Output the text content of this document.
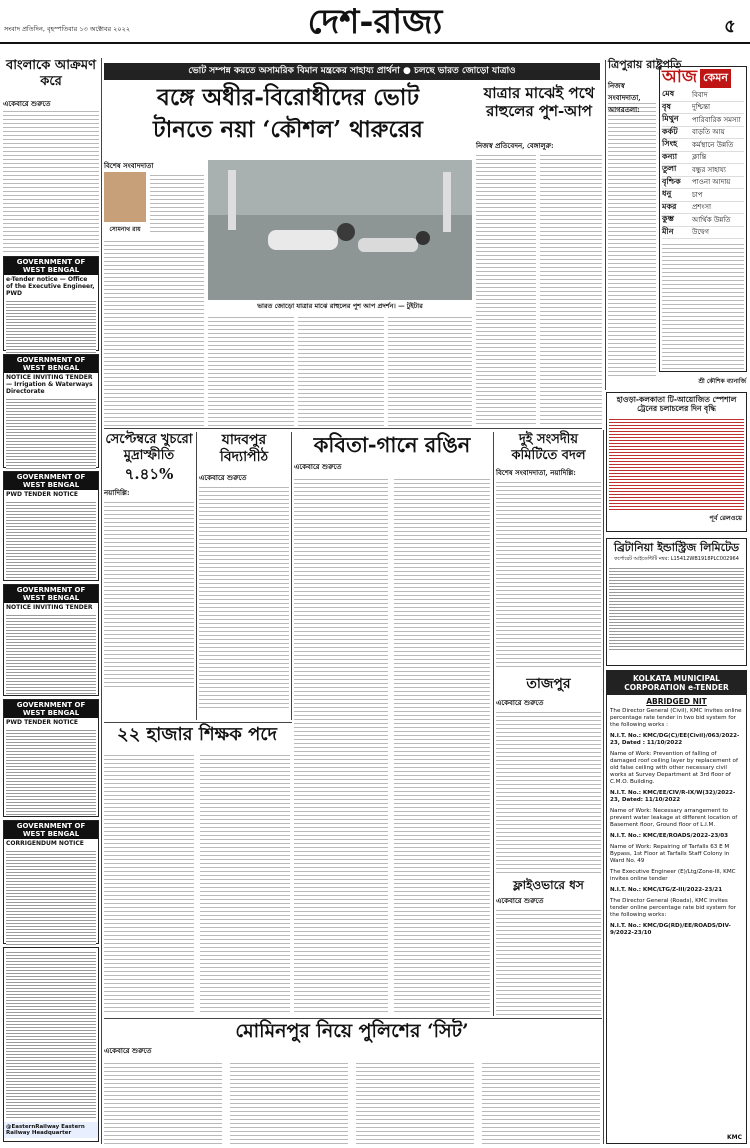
সংবাদ প্রতিদিন, বৃহস্পতিবার ১৩ অক্টোবর ২০২২	দেশ-রাজ্য	৫
বাংলাকে আক্রমণ করে
একেবারে শুরুতে
GOVERNMENT OF WEST BENGAL
e-Tender notice — Office of the Executive Engineer, PWD
GOVERNMENT OF WEST BENGAL
NOTICE INVITING TENDER — Irrigation & Waterways Directorate
GOVERNMENT OF WEST BENGAL
PWD TENDER NOTICE
GOVERNMENT OF WEST BENGAL
NOTICE INVITING TENDER
GOVERNMENT OF WEST BENGAL
PWD TENDER NOTICE
GOVERNMENT OF WEST BENGAL
CORRIGENDUM NOTICE
@EasternRailway Eastern Railway Headquarter
ভোট সম্পন্ন করতে অসামরিক বিমান মন্ত্রকের সাহায্য প্রার্থনা ● চলছে ভারত জোড়ো যাত্রাও
বঙ্গে অধীর-বিরোধীদের ভোট
টানতে নয়া ‘কৌশল’ থারুরের
বিশেষ সংবাদদাতা
সোমনাথ রায়
ভারত জোড়ো যাত্রার মাঝে রাহুলের পুশ আপ প্রদর্শন। — টুইটার
যাত্রার মাঝেই পথে রাহুলের পুশ-আপ
নিজস্ব প্রতিবেদন, বেঙ্গালুরু:
ত্রিপুরায় রাষ্ট্রপতি
নিজস্ব সংবাদদাতা, আগরতলা:
শ্রী কৌশিক ব্যানার্জি
আজ কেমন
মেষ	বিবাদ
বৃষ	দুশ্চিন্তা
মিথুন	পারিবারিক সমস্যা
কর্কট	বাড়তি আয়
সিংহ	কর্মস্থানে উন্নতি
কন্যা	ক্লান্তি
তুলা	বন্ধুর সাহায্য
বৃশ্চিক	পাওনা আদায়
ধনু	চাপ
মকর	প্রশংসা
কুম্ভ	আর্থিক উন্নতি
মীন	উদ্বেগ
হাওড়া-কলকাতা টি-আয়োজিত স্পেশাল ট্রেনের চলাচলের দিন বৃদ্ধি
পূর্ব রেলওয়ে
ব্রিটানিয়া ইন্ডাস্ট্রিজ লিমিটেড
কর্পোরেট আইডেন্টিটি নম্বর: L15412WB1918PLC002964
KOLKATA MUNICIPAL CORPORATION e-TENDER
ABRIDGED NIT
The Director General (Civil), KMC invites online percentage rate tender in two bid system for the following works :
N.I.T. No.: KMC/DG(C)/EE(Civil)/063/2022-23, Dated : 11/10/2022
Name of Work: Prevention of falling of damaged roof ceiling layer by replacement of old false ceiling with other necessary civil works at Survey Department at 3rd floor of C.M.O. Building.
N.I.T. No.: KMC/EE/CIV/R-IX/W(32)/2022-23, Dated: 11/10/2022
Name of Work: Necessary arrangement to prevent water leakage at different location of Basement floor, Ground floor of L.I.M.
N.I.T. No.: KMC/EE/ROADS/2022-23/03
Name of Work: Repairing of Tarfalls 63 E M Bypass, 1st Floor at Tarfalls Staff Colony in Ward No. 49
The Executive Engineer (E)/Ltg/Zone-III, KMC invites online tender
N.I.T. No.: KMC/LTG/Z-III/2022-23/21
The Director General (Roads), KMC invites tender online percentage rate bid system for the following works:
N.I.T. No.: KMC/DG(RD)/EE/ROADS/DIV-9/2022-23/10
KMC
সেপ্টেম্বরে খুচরো মুদ্রাস্ফীতি
৭.৪১%
নয়াদিল্লি:
যাদবপুর বিদ্যাপীঠ
একেবারে শুরুতে
কবিতা-গানে রঙিন
একেবারে শুরুতে
দুই সংসদীয় কমিটিতে বদল
বিশেষ সংবাদদাতা, নয়াদিল্লি:
তাজপুর
একেবারে শুরুতে
ফ্লাইওভারে ধস
একেবারে শুরুতে
২২ হাজার শিক্ষক পদে
মোমিনপুর নিয়ে পুলিশের ‘সিট’
একেবারে শুরুতে
